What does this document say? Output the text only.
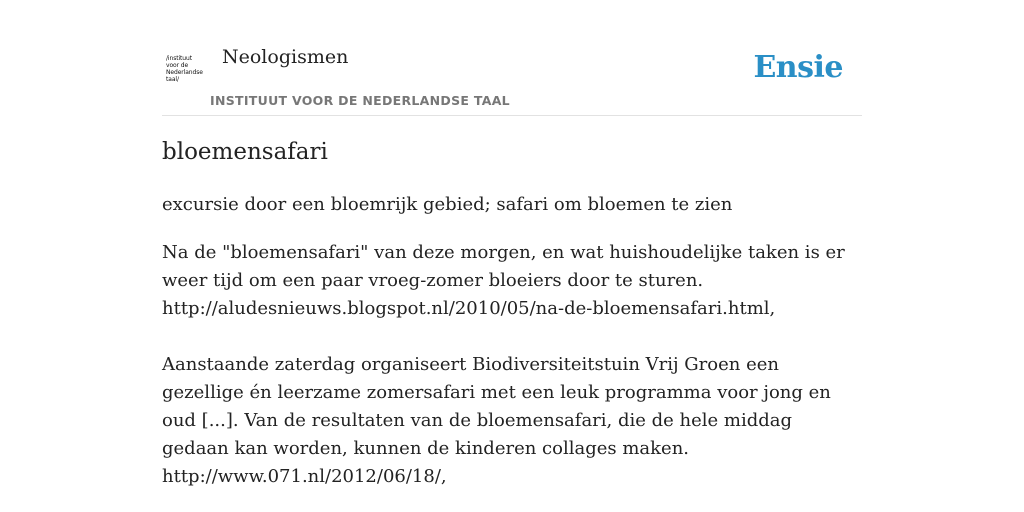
/instituut
voor de
Nederlandse
taal/
Neologismen
INSTITUUT VOOR DE NEDERLANDSE TAAL
Ensie
bloemensafari
excursie door een bloemrijk gebied; safari om bloemen te zien

Na de "bloemensafari" van deze morgen, en wat huishoudelijke taken is er weer tijd om een paar vroeg-zomer bloeiers door te sturen.

http://aludesnieuws.blogspot.nl/2010/05/na-de-bloemensafari.html,

Aanstaande zaterdag organiseert Biodiversiteitstuin Vrij Groen een gezellige én leerzame zomersafari met een leuk programma voor jong en oud [...]. Van de resultaten van de bloemensafari, die de hele middag gedaan kan worden, kunnen de kinderen collages maken.

http://www.071.nl/2012/06/18/,
